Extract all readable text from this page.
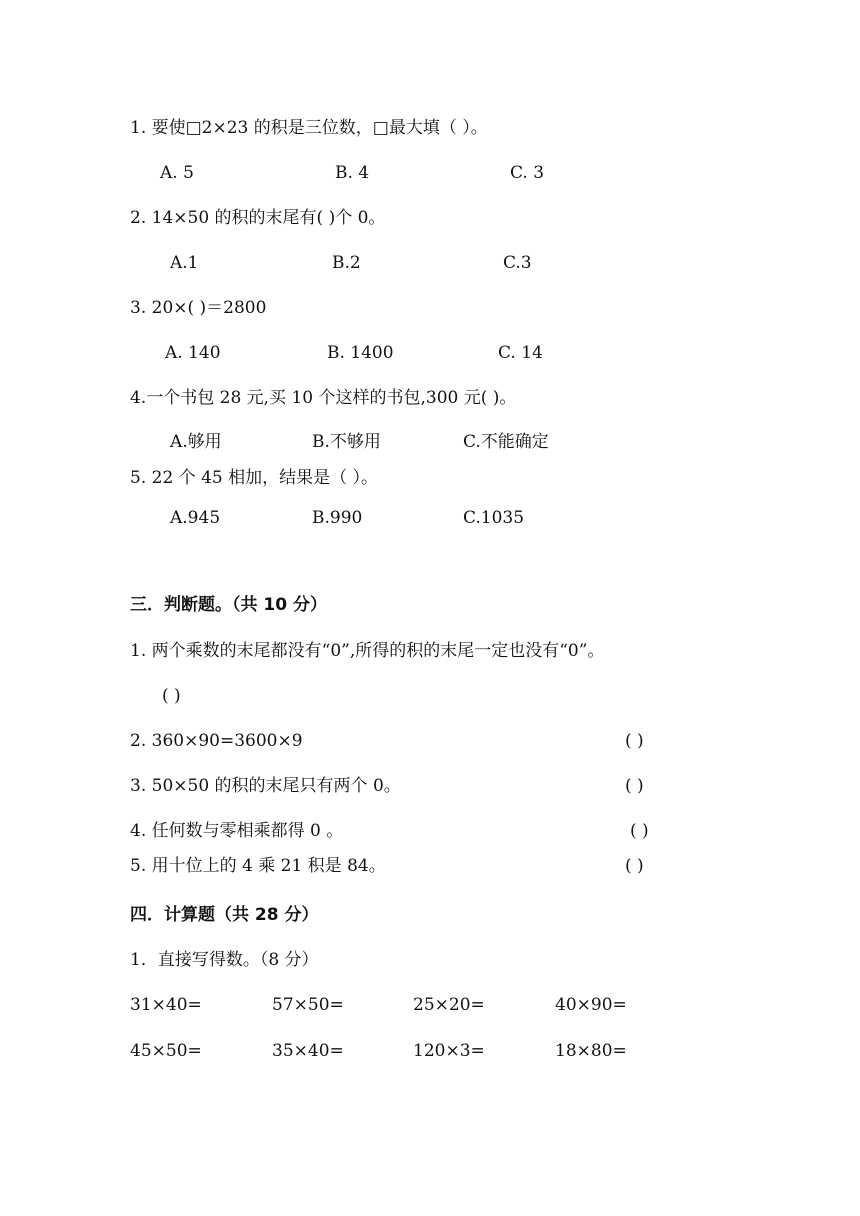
1. 要使□2×23 的积是三位数，□最大填（ ）。
A. 5	B. 4	C. 3
2. 14×50 的积的末尾有( )个 0。
A.1	B.2	C.3
3. 20×( )＝2800
A. 140	B. 1400	C. 14
4.一个书包 28 元,买 10 个这样的书包,300 元( )。
A.够用	B.不够用	C.不能确定
5. 22 个 45 相加，结果是（ ）。
A.945	B.990	C.1035
三．判断题。（共 10 分）
1. 两个乘数的末尾都没有“0”,所得的积的末尾一定也没有“0”。
( )
2. 360×90=3600×9	( )
3. 50×50 的积的末尾只有两个 0。	( )
4. 任何数与零相乘都得 0 。	( )
5. 用十位上的 4 乘 21 积是 84。	( )
四．计算题（共 28 分）
1．直接写得数。（8 分）
31×40=	57×50=	25×20=	40×90=
45×50=	35×40=	120×3=	18×80=
